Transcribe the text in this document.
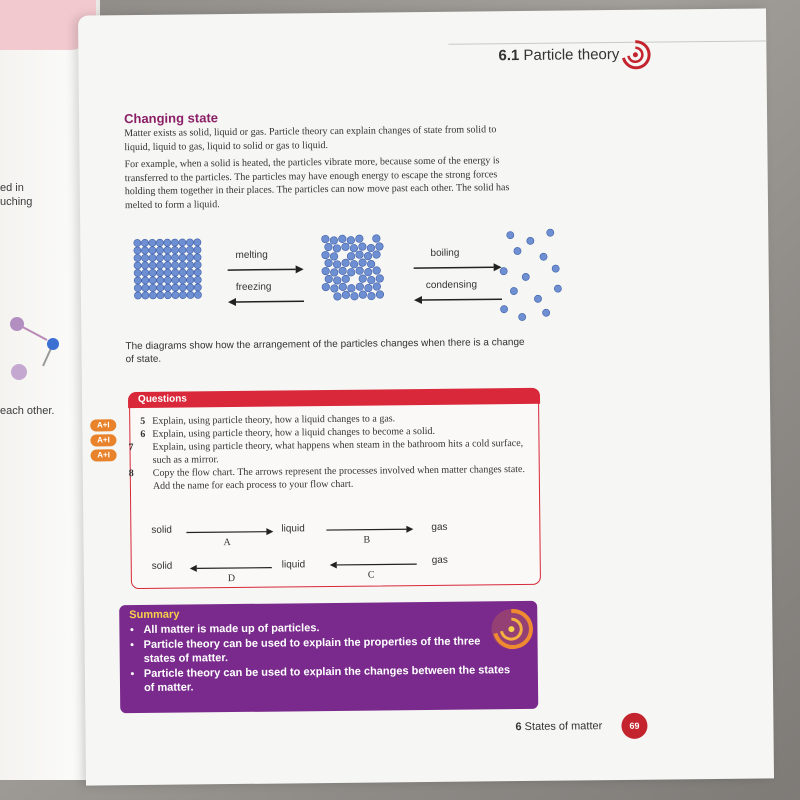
ed in
uching
each other.
6.1 Particle theory
Changing state
Matter exists as solid, liquid or gas. Particle theory can explain changes of state from solid to liquid, liquid to gas, liquid to solid or gas to liquid.
For example, when a solid is heated, the particles vibrate more, because some of the energy is transferred to the particles. The particles may have enough energy to escape the strong forces holding them together in their places. The particles can now move past each other. The solid has melted to form a liquid.
melting
freezing
boiling
condensing
The diagrams show how the arrangement of the particles changes when there is a change of state.
A+I
A+I
A+I
Questions
5 Explain, using particle theory, how a liquid changes to a gas.
6 Explain, using particle theory, how a liquid changes to become a solid.
7 Explain, using particle theory, what happens when steam in the bathroom hits a cold surface, such as a mirror.
8 Copy the flow chart. The arrows represent the processes involved when matter changes state. Add the name for each process to your flow chart.
solid	liquid	gas
solid	liquid	gas
A	B
C
D
Summary
• All matter is made up of particles.
• Particle theory can be used to explain the properties of the three states of matter.
• Particle theory can be used to explain the changes between the states of matter.
6 States of matter	69
